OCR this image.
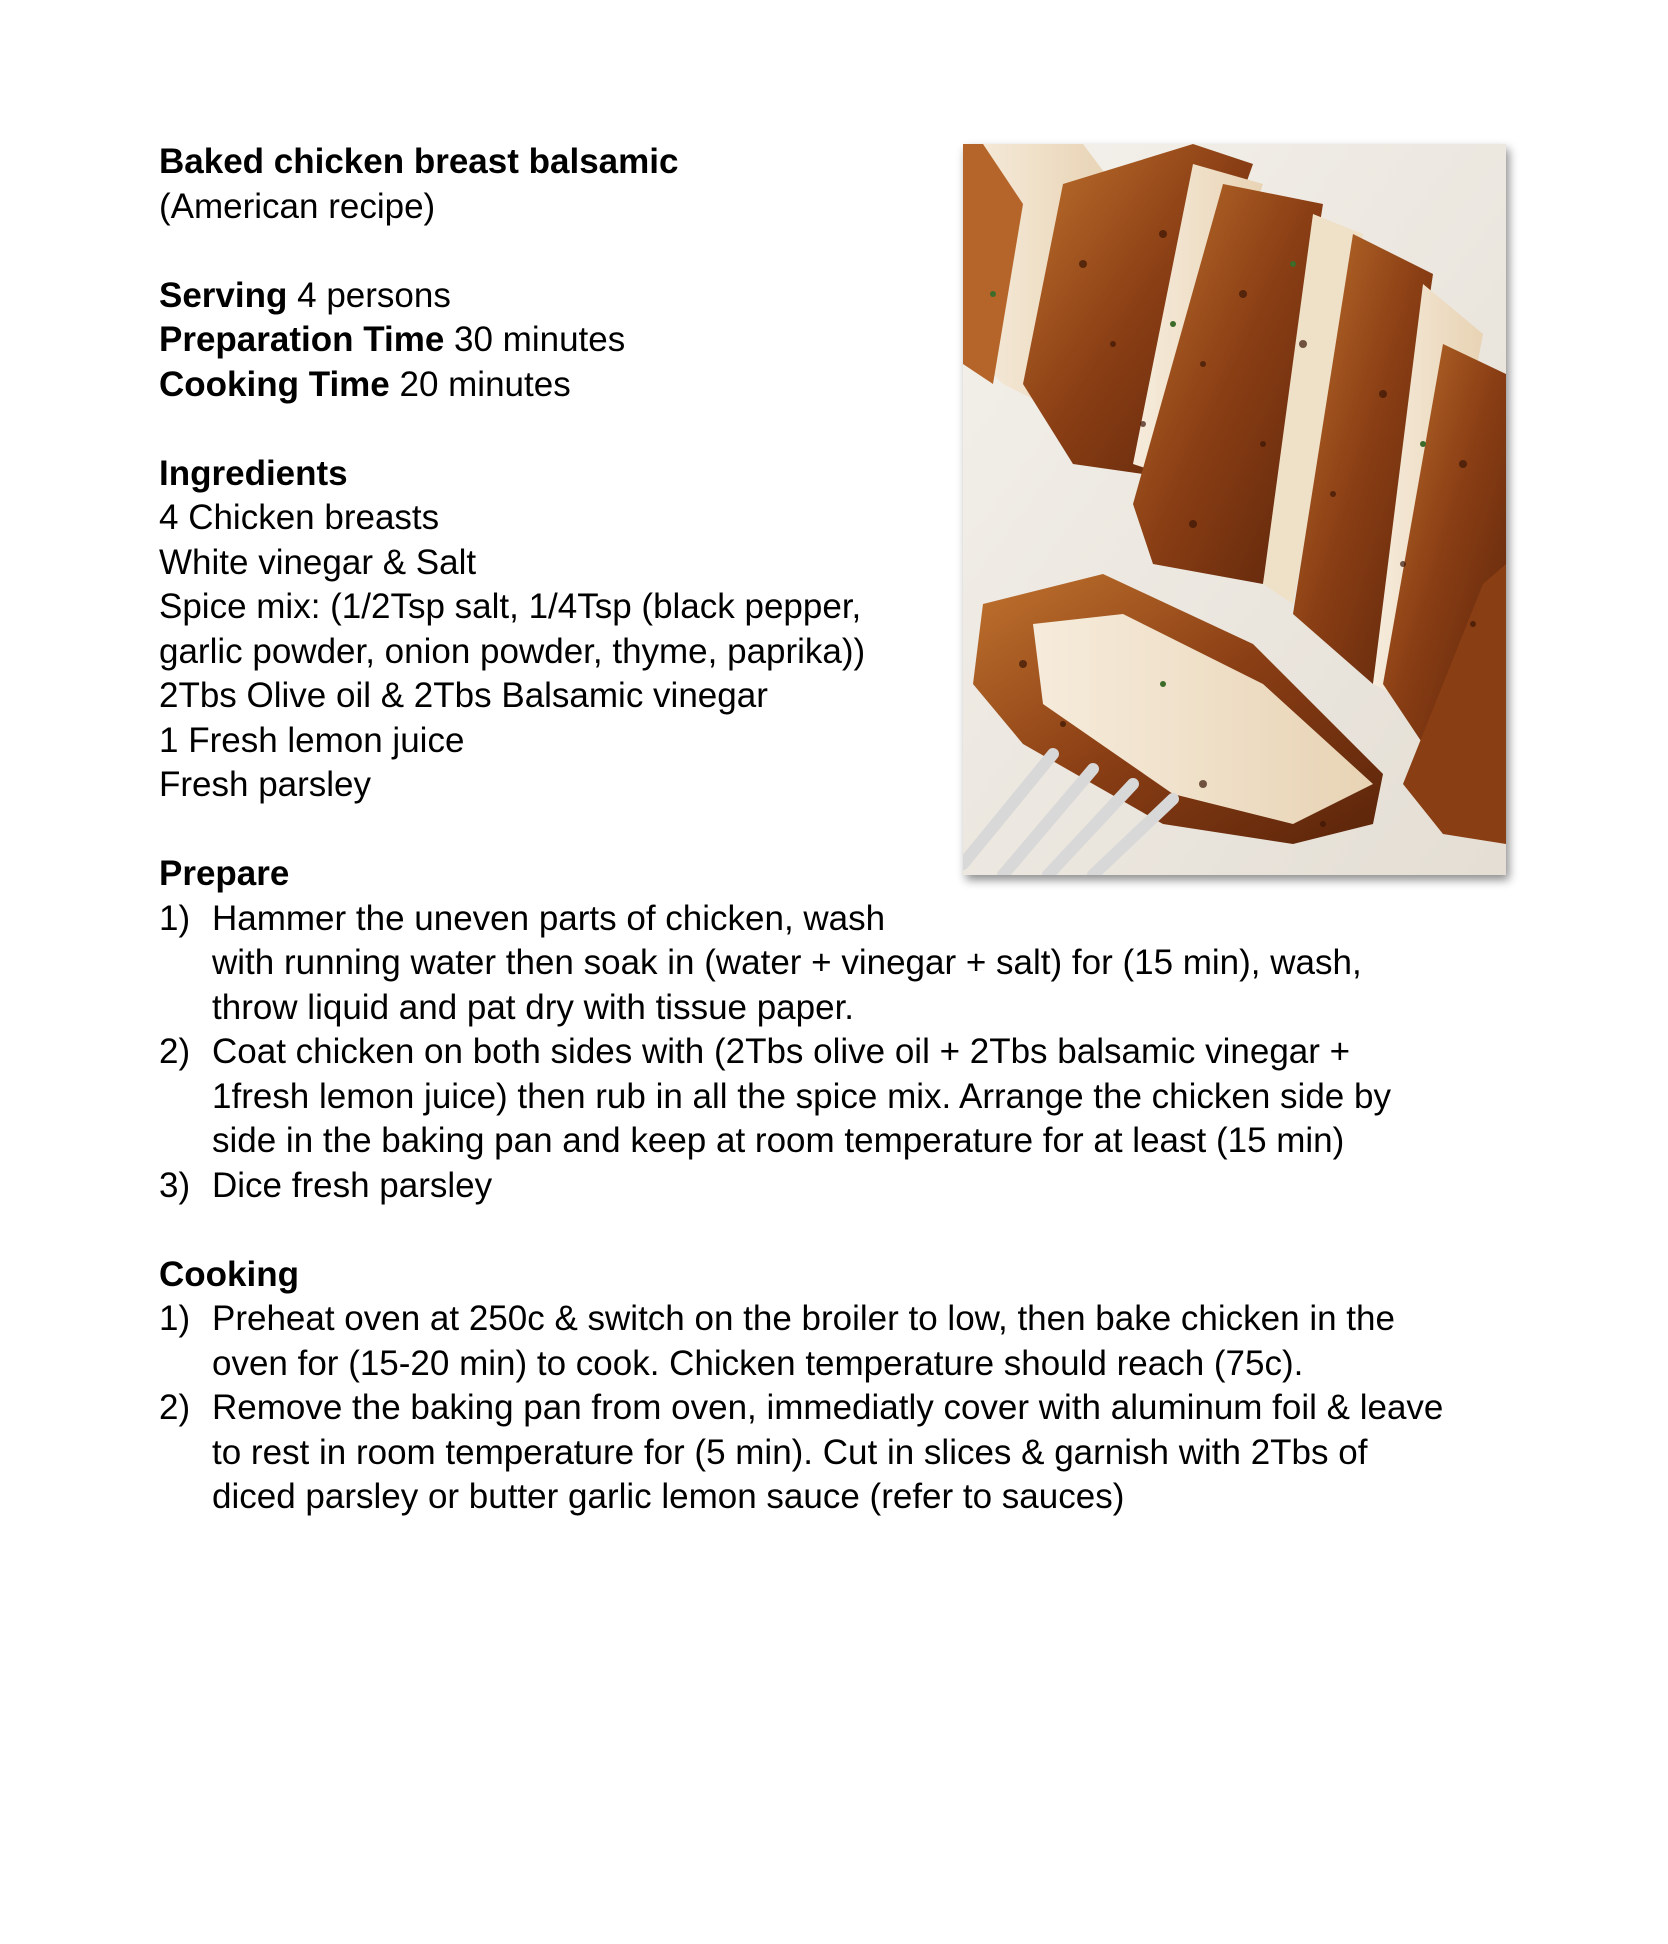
Baked chicken breast balsamic
(American recipe)
Serving 4 persons
Preparation Time 30 minutes
Cooking Time 20 minutes
Ingredients
4 Chicken breasts
White vinegar & Salt
Spice mix: (1/2Tsp salt, 1/4Tsp (black pepper,
garlic powder, onion powder, thyme, paprika))
2Tbs Olive oil & 2Tbs Balsamic vinegar
1 Fresh lemon juice
Fresh parsley
Prepare
1) Hammer the uneven parts of chicken, wash
with running water then soak in (water + vinegar + salt) for (15 min), wash,
throw liquid and pat dry with tissue paper.
2) Coat chicken on both sides with (2Tbs olive oil + 2Tbs balsamic vinegar +
1fresh lemon juice) then rub in all the spice mix. Arrange the chicken side by
side in the baking pan and keep at room temperature for at least (15 min)
3) Dice fresh parsley
Cooking
1) Preheat oven at 250c & switch on the broiler to low, then bake chicken in the
oven for (15-20 min) to cook. Chicken temperature should reach (75c).
2) Remove the baking pan from oven, immediatly cover with aluminum foil & leave
to rest in room temperature for (5 min). Cut in slices & garnish with 2Tbs of
diced parsley or butter garlic lemon sauce (refer to sauces)
